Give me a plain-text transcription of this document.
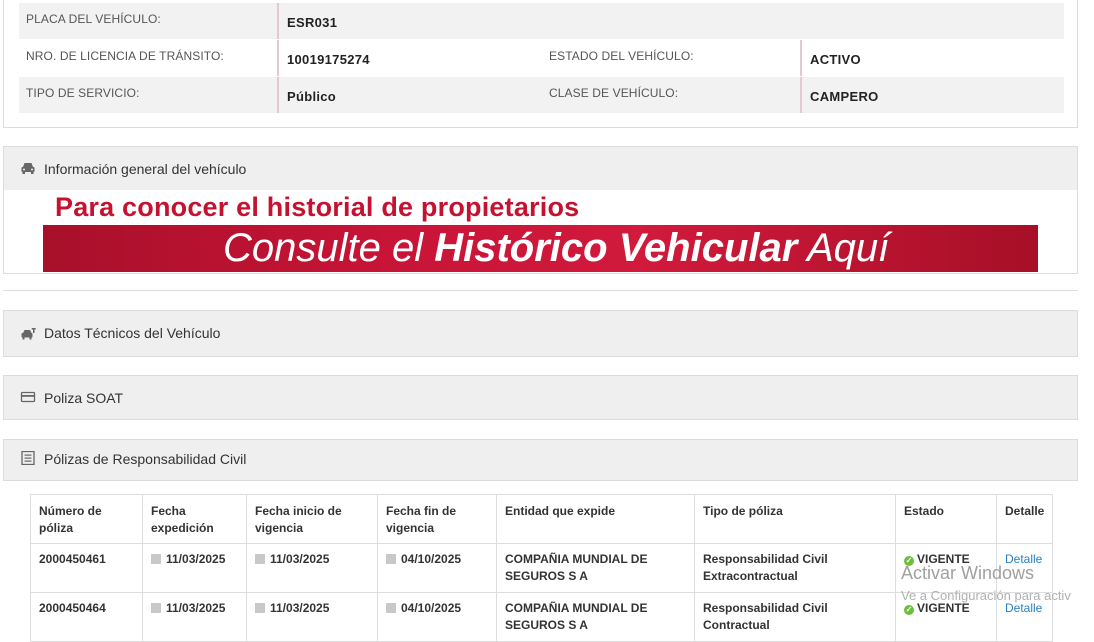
PLACA DEL VEHÍCULO:	ESR031
NRO. DE LICENCIA DE TRÁNSITO:	10019175274	ESTADO DEL VEHÍCULO:	ACTIVO
TIPO DE SERVICIO:	Público	CLASE DE VEHÍCULO:	CAMPERO
Información general del vehículo
Para conocer el historial de propietarios
Consulte el Histórico Vehicular Aquí
Datos Técnicos del Vehículo
Poliza SOAT
Pólizas de Responsabilidad Civil
Número de póliza	Fecha expedición	Fecha inicio de vigencia	Fecha fin de vigencia	Entidad que expide	Tipo de póliza	Estado	Detalle
2000450461	11/03/2025	11/03/2025	04/10/2025	COMPAÑIA MUNDIAL DE SEGUROS S A	Responsabilidad Civil Extracontractual	✓ VIGENTE	Detalle
2000450464	11/03/2025	11/03/2025	04/10/2025	COMPAÑIA MUNDIAL DE SEGUROS S A	Responsabilidad Civil Contractual	✓ VIGENTE	Detalle
Activar Windows
Ve a Configuración para activ
